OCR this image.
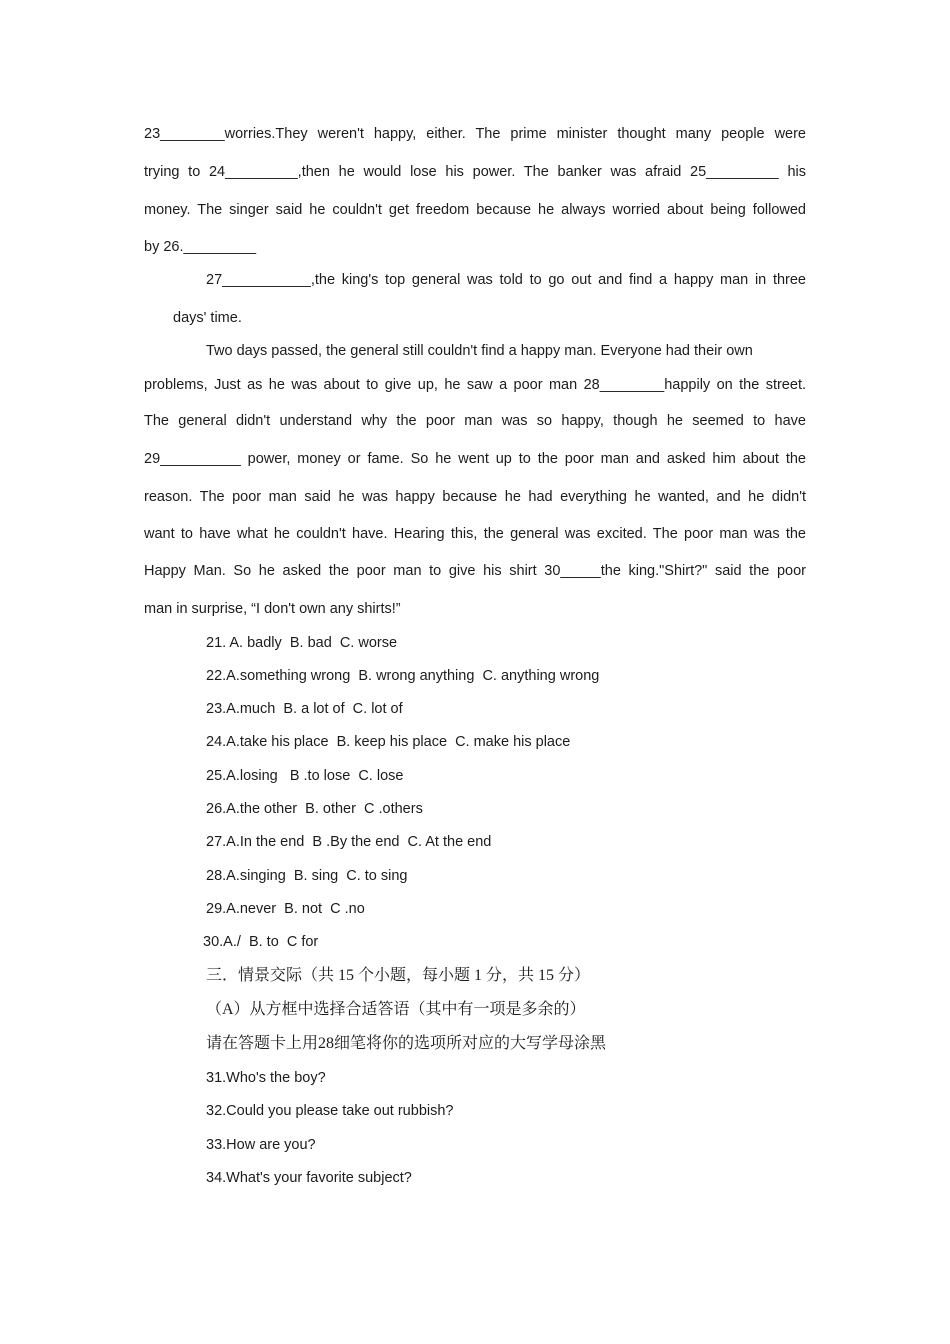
23________worries.They weren't happy, either. The prime minister thought many people were
trying to 24_________,then he would lose his power. The banker was afraid 25_________ his
money. The singer said he couldn't get freedom because he always worried about being followed
by 26._________
27___________,the king's top general was told to go out and find a happy man in three
days' time.
Two days passed, the general still couldn't find a happy man. Everyone had their own
problems, Just as he was about to give up, he saw a poor man 28________happily on the street.
The general didn't understand why the poor man was so happy, though he seemed to have
29__________ power, money or fame. So he went up to the poor man and asked him about the
reason. The poor man said he was happy because he had everything he wanted, and he didn't
want to have what he couldn't have. Hearing this, the general was excited. The poor man was the
Happy Man. So he asked the poor man to give his shirt 30_____the king."Shirt?" said the poor
man in surprise, “I don't own any shirts!”
21. A. badly  B. bad  C. worse
22.A.something wrong  B. wrong anything  C. anything wrong
23.A.much  B. a lot of  C. lot of
24.A.take his place  B. keep his place  C. make his place
25.A.losing   B .to lose  C. lose
26.A.the other  B. other  C .others
27.A.In the end  B .By the end  C. At the end
28.A.singing  B. sing  C. to sing
29.A.never  B. not  C .no
30.A./  B. to  C for
三．情景交际（共 15 个小题，每小题 1 分，共 15 分）
（A）从方框中选择合适答语（其中有一项是多余的）
请在答题卡上用28细笔将你的选项所对应的大写学母涂黑
31.Who's the boy?
32.Could you please take out rubbish?
33.How are you?
34.What's your favorite subject?
